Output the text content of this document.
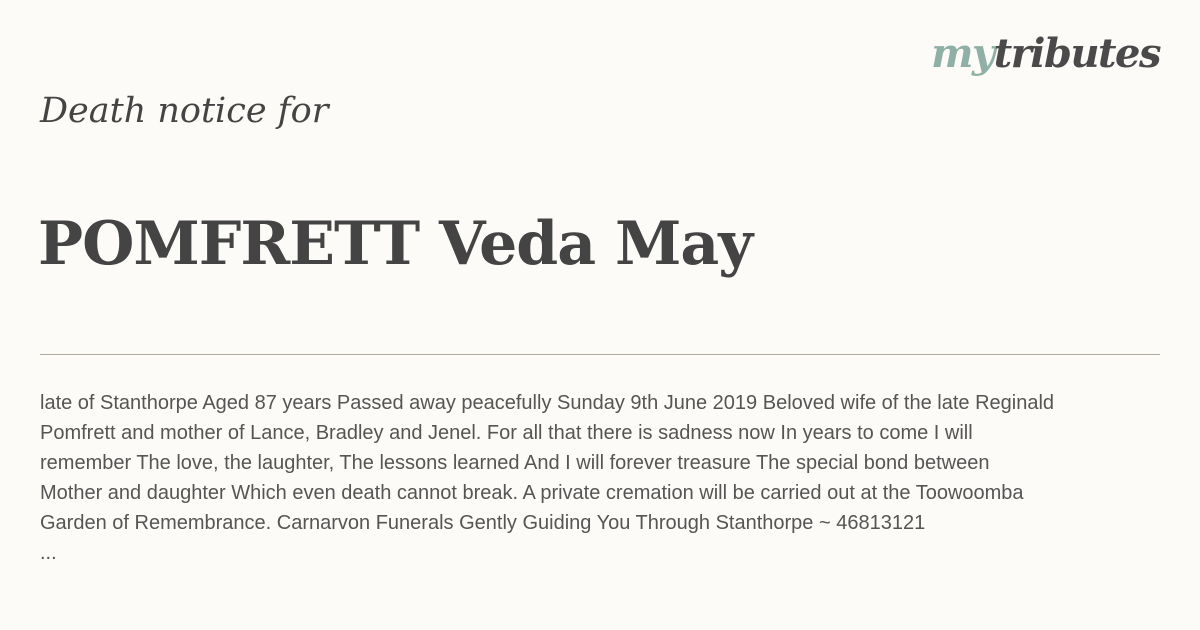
mytributes
Death notice for
POMFRETT Veda May
late of Stanthorpe Aged 87 years Passed away peacefully Sunday 9th June 2019 Beloved wife of the late Reginald
Pomfrett and mother of Lance, Bradley and Jenel. For all that there is sadness now In years to come I will
remember The love, the laughter, The lessons learned And I will forever treasure The special bond between
Mother and daughter Which even death cannot break. A private cremation will be carried out at the Toowoomba
Garden of Remembrance. Carnarvon Funerals Gently Guiding You Through Stanthorpe ~ 46813121
...
